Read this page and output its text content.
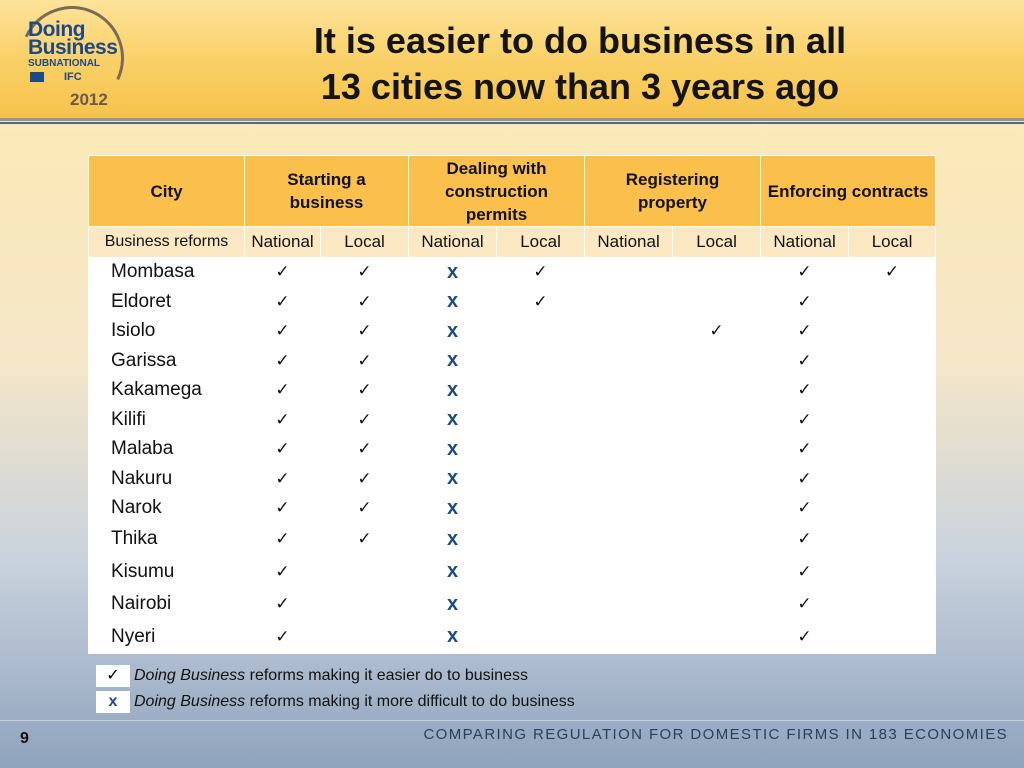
Doing
Business
SUBNATIONAL
IFC
2012
It is easier to do business in all
13 cities now than 3 years ago
City	Starting a business		Dealing with construction permits		Registering property		Enforcing contracts	
Business reforms	National	Local	National	Local	National	Local	National	Local
Mombasa	✓	✓	x	✓			✓	✓
Eldoret	✓	✓	x	✓			✓	
Isiolo	✓	✓	x			✓	✓	
Garissa	✓	✓	x				✓	
Kakamega	✓	✓	x				✓	
Kilifi	✓	✓	x				✓	
Malaba	✓	✓	x				✓	
Nakuru	✓	✓	x				✓	
Narok	✓	✓	x				✓	
Thika	✓	✓	x				✓	
Kisumu	✓		x				✓	
Nairobi	✓		x				✓	
Nyeri	✓		x				✓	
✓ Doing Business reforms making it easier do to business
x	Doing Business reforms making it more difficult to do business
9	COMPARING REGULATION FOR DOMESTIC FIRMS IN 183 ECONOMIES
